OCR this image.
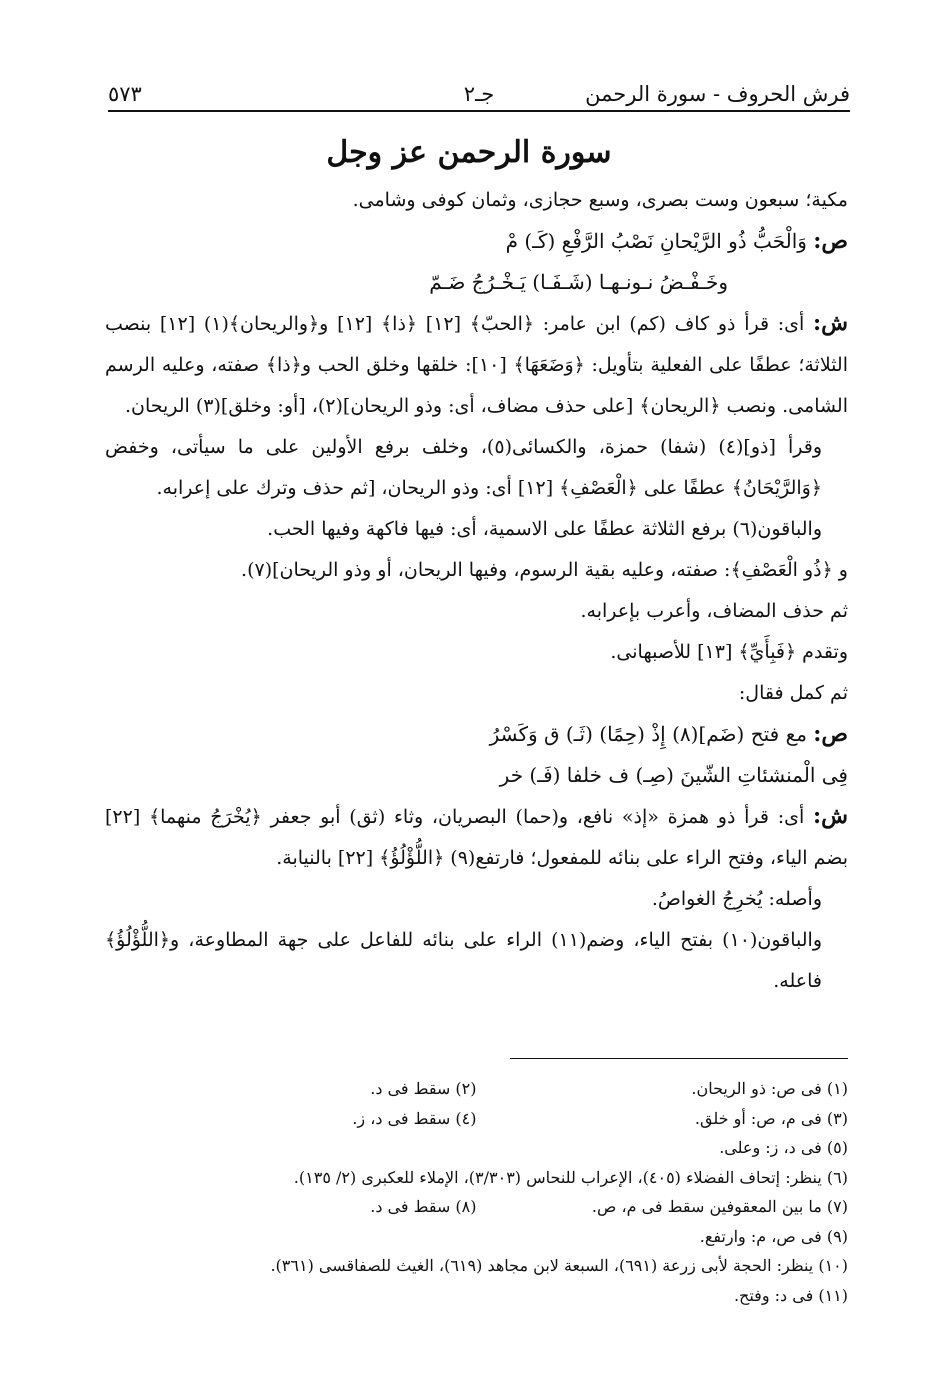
فرش الحروف - سورة الرحمن
جـ٢
٥٧٣
سورة الرحمن عز وجل

مكية؛ سبعون وست بصرى، وسبع حجازى، وثمان كوفى وشامى.

ص: وَالْحَبُّ ذُو الرَّيْحانِ نَصْبُ الرَّفْعِ (كَـ) مْ

وخَـفْـضُ نـونـهـا (شَـفَـا) يَـخْـرُجُ ضَـمّ

ش: أى: قرأ ذو كاف (كم) ابن عامر: ﴿الحبّ﴾ [١٢] ﴿ذا﴾ [١٢] و﴿والريحان﴾(١) [١٢] بنصب الثلاثة؛ عطفًا على الفعلية بتأويل: ﴿وَضَعَهَا﴾ [١٠]: خلقها وخلق الحب و﴿ذا﴾ صفته، وعليه الرسم الشامى. ونصب ﴿الريحان﴾ [على حذف مضاف، أى: وذو الريحان](٢)، [أو: وخلق](٣) الريحان.

وقرأ [ذو](٤) (شفا) حمزة، والكسائى(٥)، وخلف برفع الأولين على ما سيأتى، وخفض ﴿وَالرَّيْحَانُ﴾ عطفًا على ﴿الْعَصْفِ﴾ [١٢] أى: وذو الريحان، [ثم حذف وترك على إعرابه.

والباقون(٦) برفع الثلاثة عطفًا على الاسمية، أى: فيها فاكهة وفيها الحب.

و ﴿ذُو الْعَصْفِ﴾: صفته، وعليه بقية الرسوم، وفيها الريحان، أو وذو الريحان](٧).

ثم حذف المضاف، وأعرب بإعرابه.

وتقدم ﴿فَبِأَيِّ﴾ [١٣] للأصبهانى.

ثم كمل فقال:

ص: مع فتح (ضَم](٨) إِذْ (حِمًا) (ثَـ) ق وَكَسْرُ

فِى الْمنشئاتِ الشّينَ (صِـ) ف خلفا (فَـ) خر

ش: أى: قرأ ذو همزة «إذ» نافع، و(حما) البصريان، وثاء (ثق) أبو جعفر ﴿يُخْرَجُ منهما﴾ [٢٢] بضم الياء، وفتح الراء على بنائه للمفعول؛ فارتفع(٩) ﴿اللُّؤْلُؤُ﴾ [٢٢] بالنيابة.

وأصله: يُخرِجُ الغواصُ.

والباقون(١٠) بفتح الياء، وضم(١١) الراء على بنائه للفاعل على جهة المطاوعة، و﴿اللُّؤْلُؤُ﴾ فاعله.

(١) فى ص: ذو الريحان.
(٢) سقط فى د.
(٣) فى م، ص: أو خلق.
(٤) سقط فى د، ز.
(٥) فى د، ز: وعلى.
(٦) ينظر: إتحاف الفضلاء (٤٠٥)، الإعراب للنحاس (٣/٣٠٣)، الإملاء للعكبرى (٢/ ١٣٥).
(٧) ما بين المعقوفين سقط فى م، ص.
(٨) سقط فى د.
(٩) فى ص، م: وارتفع.
(١٠) ينظر: الحجة لأبى زرعة (٦٩١)، السبعة لابن مجاهد (٦١٩)، الغيث للصفاقسى (٣٦١).
(١١) فى د: وفتح.
